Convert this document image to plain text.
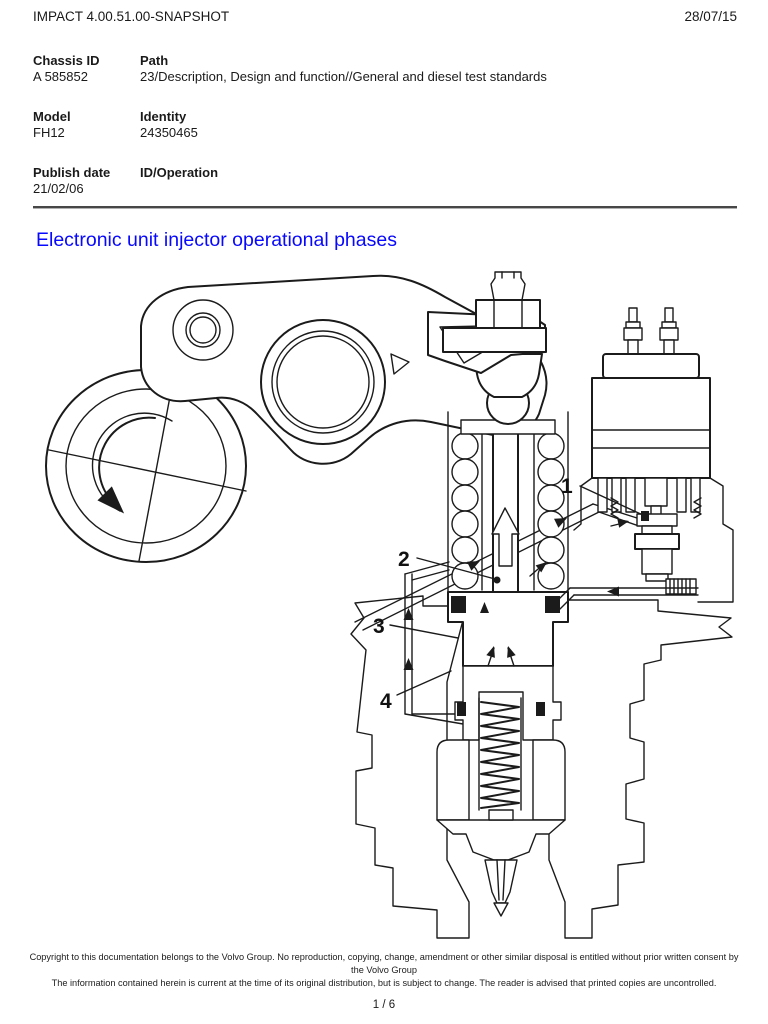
IMPACT 4.00.51.00-SNAPSHOT	28/07/15
Chassis ID	Path
A 585852	23/Description, Design and function//General and diesel test standards
Model	Identity
FH12	24350465
Publish date	ID/Operation
21/02/06
Electronic unit injector operational phases
1
2
3
4
Copyright to this documentation belongs to the Volvo Group. No reproduction, copying, change, amendment or other similar disposal is entitled without prior written consent by
the Volvo Group
The information contained herein is current at the time of its original distribution, but is subject to change. The reader is advised that printed copies are uncontrolled.
1 / 6
